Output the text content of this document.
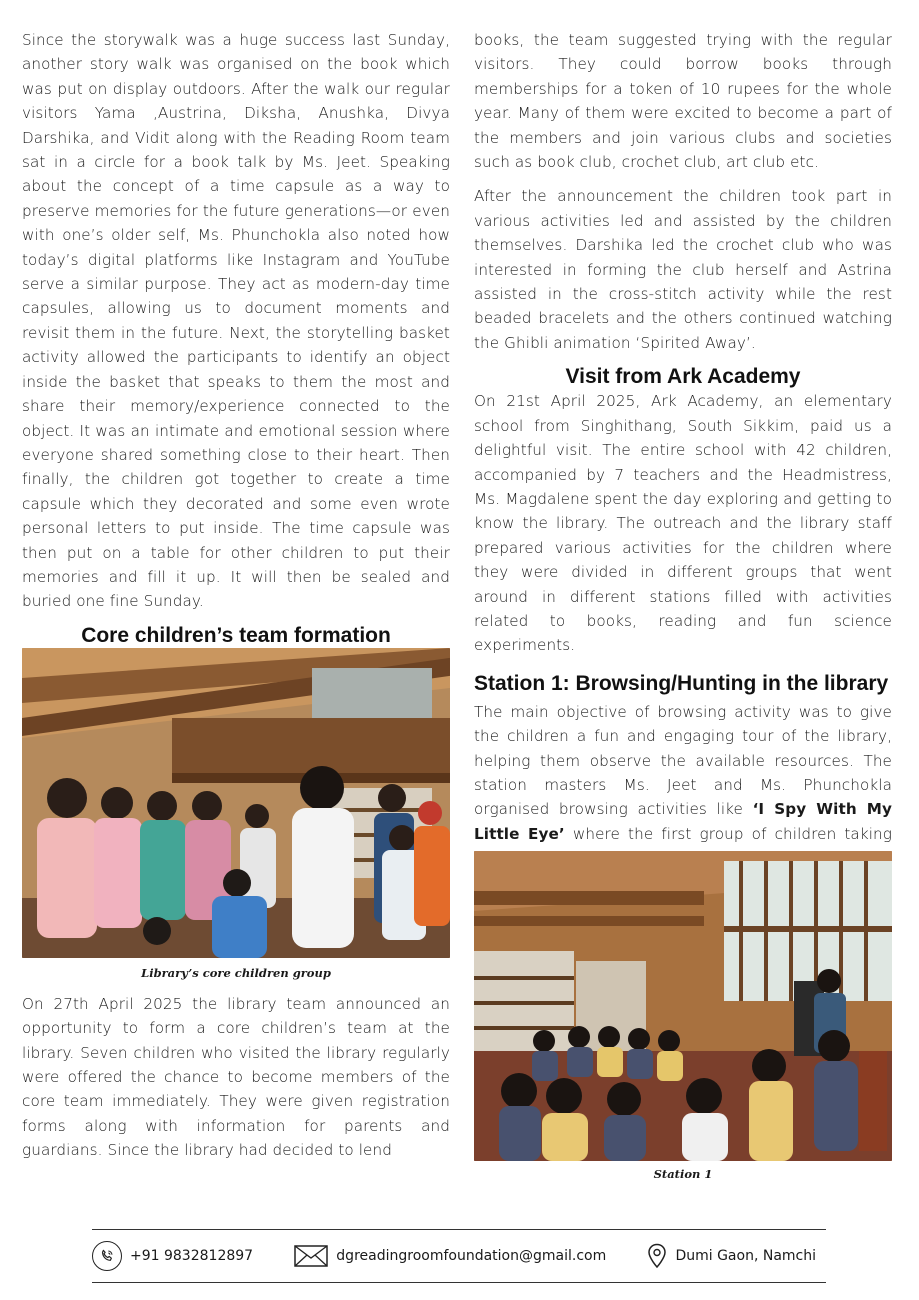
Since the storywalk was a huge success last Sunday, another story walk was organised on the book which was put on display outdoors. After the walk our regular visitors Yama ,Austrina, Diksha, Anushka, Divya Darshika, and Vidit along with the Reading Room team sat in a circle for a book talk by Ms. Jeet. Speaking about the concept of a time capsule as a way to preserve memories for the future generations—or even with one’s older self, Ms. Phunchokla also noted how today’s digital platforms like Instagram and YouTube serve a similar purpose. They act as modern-day time capsules, allowing us to document moments and revisit them in the future. Next, the storytelling basket activity allowed the participants to identify an object inside the basket that speaks to them the most and share their memory/experience connected to the object. It was an intimate and emotional session where everyone shared something close to their heart. Then finally, the children got together to create a time capsule which they decorated and some even wrote personal letters to put inside. The time capsule was then put on a table for other children to put their memories and fill it up. It will then be sealed and buried one fine Sunday.

Core children’s team formation
Library’s core children group

On 27th April 2025 the library team announced an opportunity to form a core children’s team at the library. Seven children who visited the library regularly were offered the chance to become members of the core team immediately. They were given registration forms along with information for parents and guardians. Since the library had decided to lend

books, the team suggested trying with the regular visitors. They could borrow books through memberships for a token of 10 rupees for the whole year. Many of them were excited to become a part of the members and join various clubs and societies such as book club, crochet club, art club etc.

After the announcement the children took part in various activities led and assisted by the children themselves. Darshika led the crochet club who was interested in forming the club herself and Astrina assisted in the cross-stitch activity while the rest beaded bracelets and the others continued watching the Ghibli animation ‘Spirited Away’.

Visit from Ark Academy

On 21st April 2025, Ark Academy, an elementary school from Singhithang, South Sikkim, paid us a delightful visit. The entire school with 42 children, accompanied by 7 teachers and the Headmistress, Ms. Magdalene spent the day exploring and getting to know the library. The outreach and the library staff prepared various activities for the children where they were divided in different groups that went around in different stations filled with activities related to books, reading and fun science experiments.

Station 1: Browsing/Hunting in the library

The main objective of browsing activity was to give the children a fun and engaging tour of the library, helping them observe the available resources. The station masters Ms. Jeet and Ms. Phunchokla organised browsing activities like ‘I Spy With My Little Eye’ where the first group of children taking

Station 1
+91 9832812897	dgreadingroomfoundation@gmail.com	Dumi Gaon, Namchi
